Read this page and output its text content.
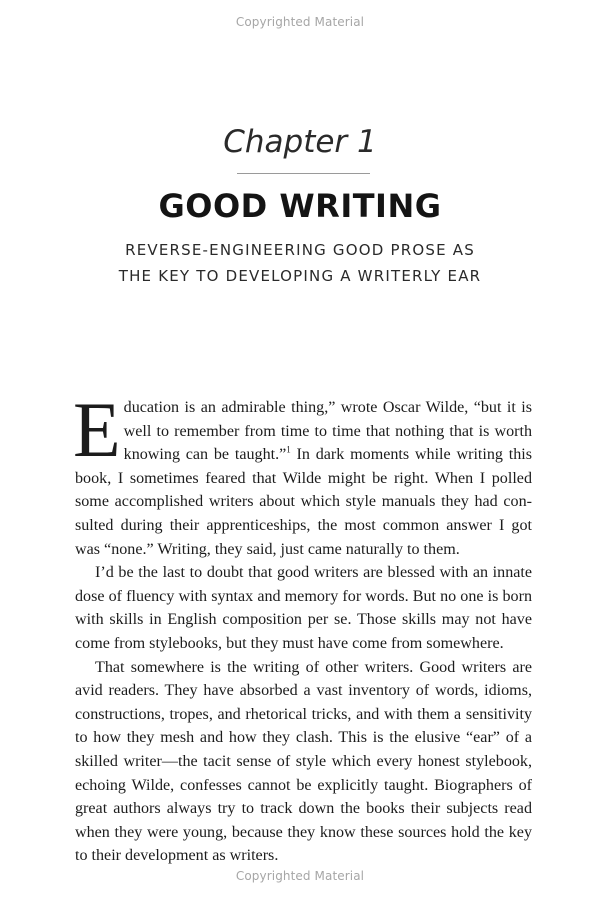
Copyrighted Material
Chapter 1
GOOD WRITING
REVERSE-ENGINEERING GOOD PROSE AS
THE KEY TO DEVELOPING A WRITERLY EAR

Education is an admirable thing,” wrote Oscar Wilde, “but it is well to remember from time to time that nothing that is worth knowing can be taught.”$^1$ In dark moments while writing this book, I sometimes feared that Wilde might be right. When I polled some accomplished writers about which style manuals they had consulted during their apprenticeships, the most common answer I got was “none.” Writing, they said, just came naturally to them.

I’d be the last to doubt that good writers are blessed with an innate dose of fluency with syntax and memory for words. But no one is born with skills in English composition per se. Those skills may not have come from stylebooks, but they must have come from somewhere.

That somewhere is the writing of other writers. Good writers are avid readers. They have absorbed a vast inventory of words, idioms, constructions, tropes, and rhetorical tricks, and with them a sensitivity to how they mesh and how they clash. This is the elusive “ear” of a skilled writer—the tacit sense of style which every honest stylebook, echoing Wilde, confesses cannot be explicitly taught. Biographers of great authors always try to track down the books their subjects read when they were young, because they know these sources hold the key to their development as writers.

Copyrighted Material
